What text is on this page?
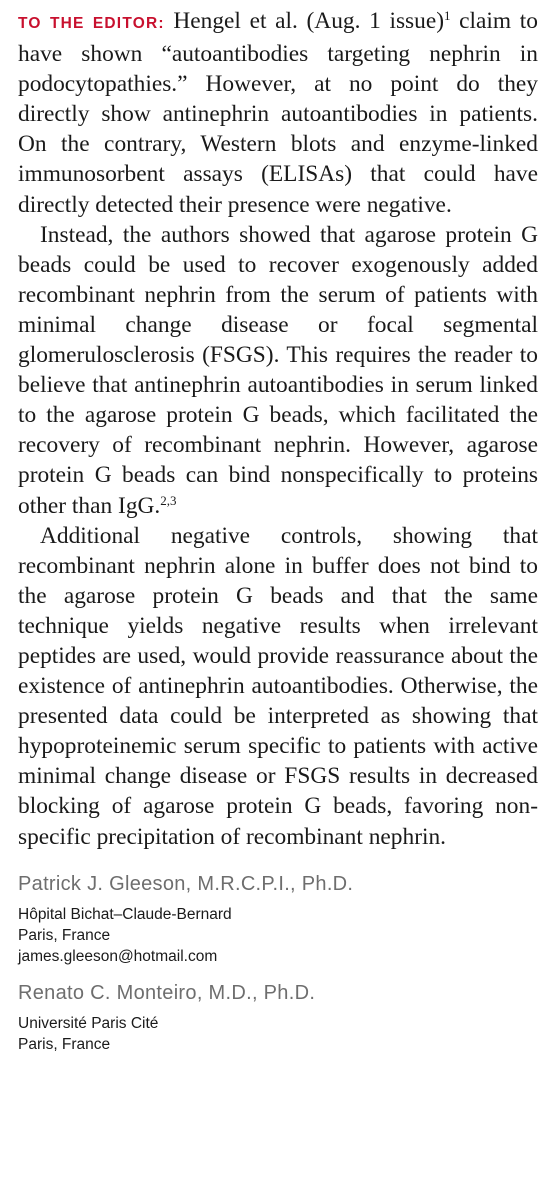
TO THE EDITOR: Hengel et al. (Aug. 1 issue)$^1$ claim to have shown “autoantibodies targeting nephrin in podocytopathies.” However, at no point do they directly show antinephrin autoantibodies in patients. On the contrary, Western blots and enzyme-linked immunosorbent assays (ELISAs) that could have directly detected their presence were negative.

Instead, the authors showed that agarose protein G beads could be used to recover exogenously added recombinant nephrin from the serum of patients with minimal change disease or focal segmental glomerulosclerosis (FSGS). This requires the reader to believe that antinephrin autoantibodies in serum linked to the agarose protein G beads, which facilitated the recovery of recombinant nephrin. However, agarose protein G beads can bind nonspecifically to proteins other than IgG.$^{2,3}$

Additional negative controls, showing that recombinant nephrin alone in buffer does not bind to the agarose protein G beads and that the same technique yields negative results when irrelevant peptides are used, would provide reassurance about the existence of antinephrin autoantibodies. Otherwise, the presented data could be interpreted as showing that hypoproteinemic serum specific to patients with active minimal change disease or FSGS results in decreased blocking of agarose protein G beads, favoring nonspecific precipitation of recombinant nephrin.

Patrick J. Gleeson, M.R.C.P.I., Ph.D.
Hôpital Bichat–Claude-Bernard
Paris, France
james.gleeson@hotmail.com
Renato C. Monteiro, M.D., Ph.D.
Université Paris Cité
Paris, France
